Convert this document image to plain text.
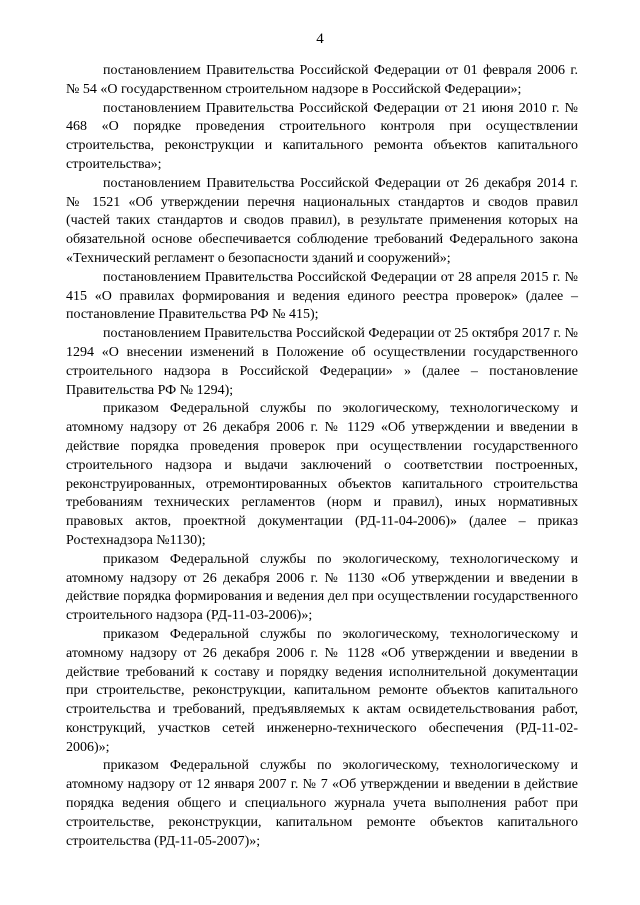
4

постановлением Правительства Российской Федерации от 01 февраля 2006 г. № 54 «О государственном строительном надзоре в Российской Федерации»;

постановлением Правительства Российской Федерации от 21 июня 2010 г. № 468 «О порядке проведения строительного контроля при осуществлении строительства, реконструкции и капитального ремонта объектов капитального строительства»;

постановлением Правительства Российской Федерации от 26 декабря 2014 г. № 1521 «Об утверждении перечня национальных стандартов и сводов правил (частей таких стандартов и сводов правил), в результате применения которых на обязательной основе обеспечивается соблюдение требований Федерального закона «Технический регламент о безопасности зданий и сооружений»;

постановлением Правительства Российской Федерации от 28 апреля 2015 г. № 415 «О правилах формирования и ведения единого реестра проверок» (далее – постановление Правительства РФ № 415);

постановлением Правительства Российской Федерации от 25 октября 2017 г. № 1294 «О внесении изменений в Положение об осуществлении государственного строительного надзора в Российской Федерации» » (далее – постановление Правительства РФ № 1294);

приказом Федеральной службы по экологическому, технологическому и атомному надзору от 26 декабря 2006 г. № 1129 «Об утверждении и введении в действие порядка проведения проверок при осуществлении государственного строительного надзора и выдачи заключений о соответствии построенных, реконструированных, отремонтированных объектов капитального строительства требованиям технических регламентов (норм и правил), иных нормативных правовых актов, проектной документации (РД-11-04-2006)» (далее – приказ Ростехнадзора №1130);

приказом Федеральной службы по экологическому, технологическому и атомному надзору от 26 декабря 2006 г. № 1130 «Об утверждении и введении в действие порядка формирования и ведения дел при осуществлении государственного строительного надзора (РД-11-03-2006)»;

приказом Федеральной службы по экологическому, технологическому и атомному надзору от 26 декабря 2006 г. № 1128 «Об утверждении и введении в действие требований к составу и порядку ведения исполнительной документации при строительстве, реконструкции, капитальном ремонте объектов капитального строительства и требований, предъявляемых к актам освидетельствования работ, конструкций, участков сетей инженерно-технического обеспечения (РД-11-02-2006)»;

приказом Федеральной службы по экологическому, технологическому и атомному надзору от 12 января 2007 г. № 7 «Об утверждении и введении в действие порядка ведения общего и специального журнала учета выполнения работ при строительстве, реконструкции, капитальном ремонте объектов капитального строительства (РД-11-05-2007)»;
